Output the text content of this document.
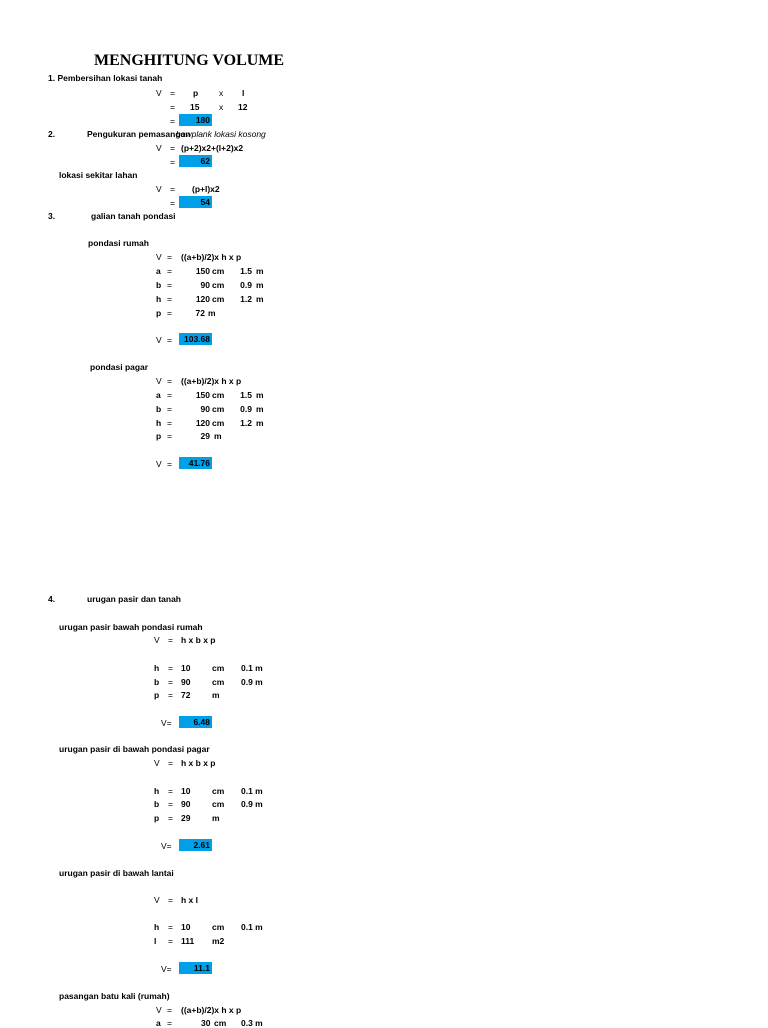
MENGHITUNG VOLUME
1. Pembersihan lokasi tanah
V = p x l
= 15 x 12
=	180
2.	Pengukuran pemasangan
bowplank lokasi kosong
V = (p+2)x2+(l+2)x2
=	62
lokasi sekitar lahan
V = (p+l)x2
=	54
3.	galian tanah pondasi
pondasi rumah
V = ((a+b)/2)x h x p
a =	150 cm	1.5 m
b =	90 cm	0.9 m
h =	120 cm	1.2 m
p =	72 m
V =	103.68
pondasi pagar
V = ((a+b)/2)x h x p
a =	150 cm	1.5 m
b =	90 cm	0.9 m
h =	120 cm	1.2 m
p =	29 m
V =	41.76
4.	urugan pasir dan tanah
urugan pasir bawah pondasi rumah
V = h x b x p
h = 10	cm 0.1 m
b = 90	cm 0.9 m
p = 72	m
V=	6.48
urugan pasir di bawah pondasi pagar
V = h x b x p
h = 10	cm 0.1 m
b = 90	cm 0.9 m
p = 29	m
V=	2.61
urugan pasir di bawah lantai
V = h x l
h = 10	cm 0.1 m
l = 111 m2
V=	11.1
pasangan batu kali (rumah)
V = ((a+b)/2)x h x p
a =	30 cm 0.3 m
